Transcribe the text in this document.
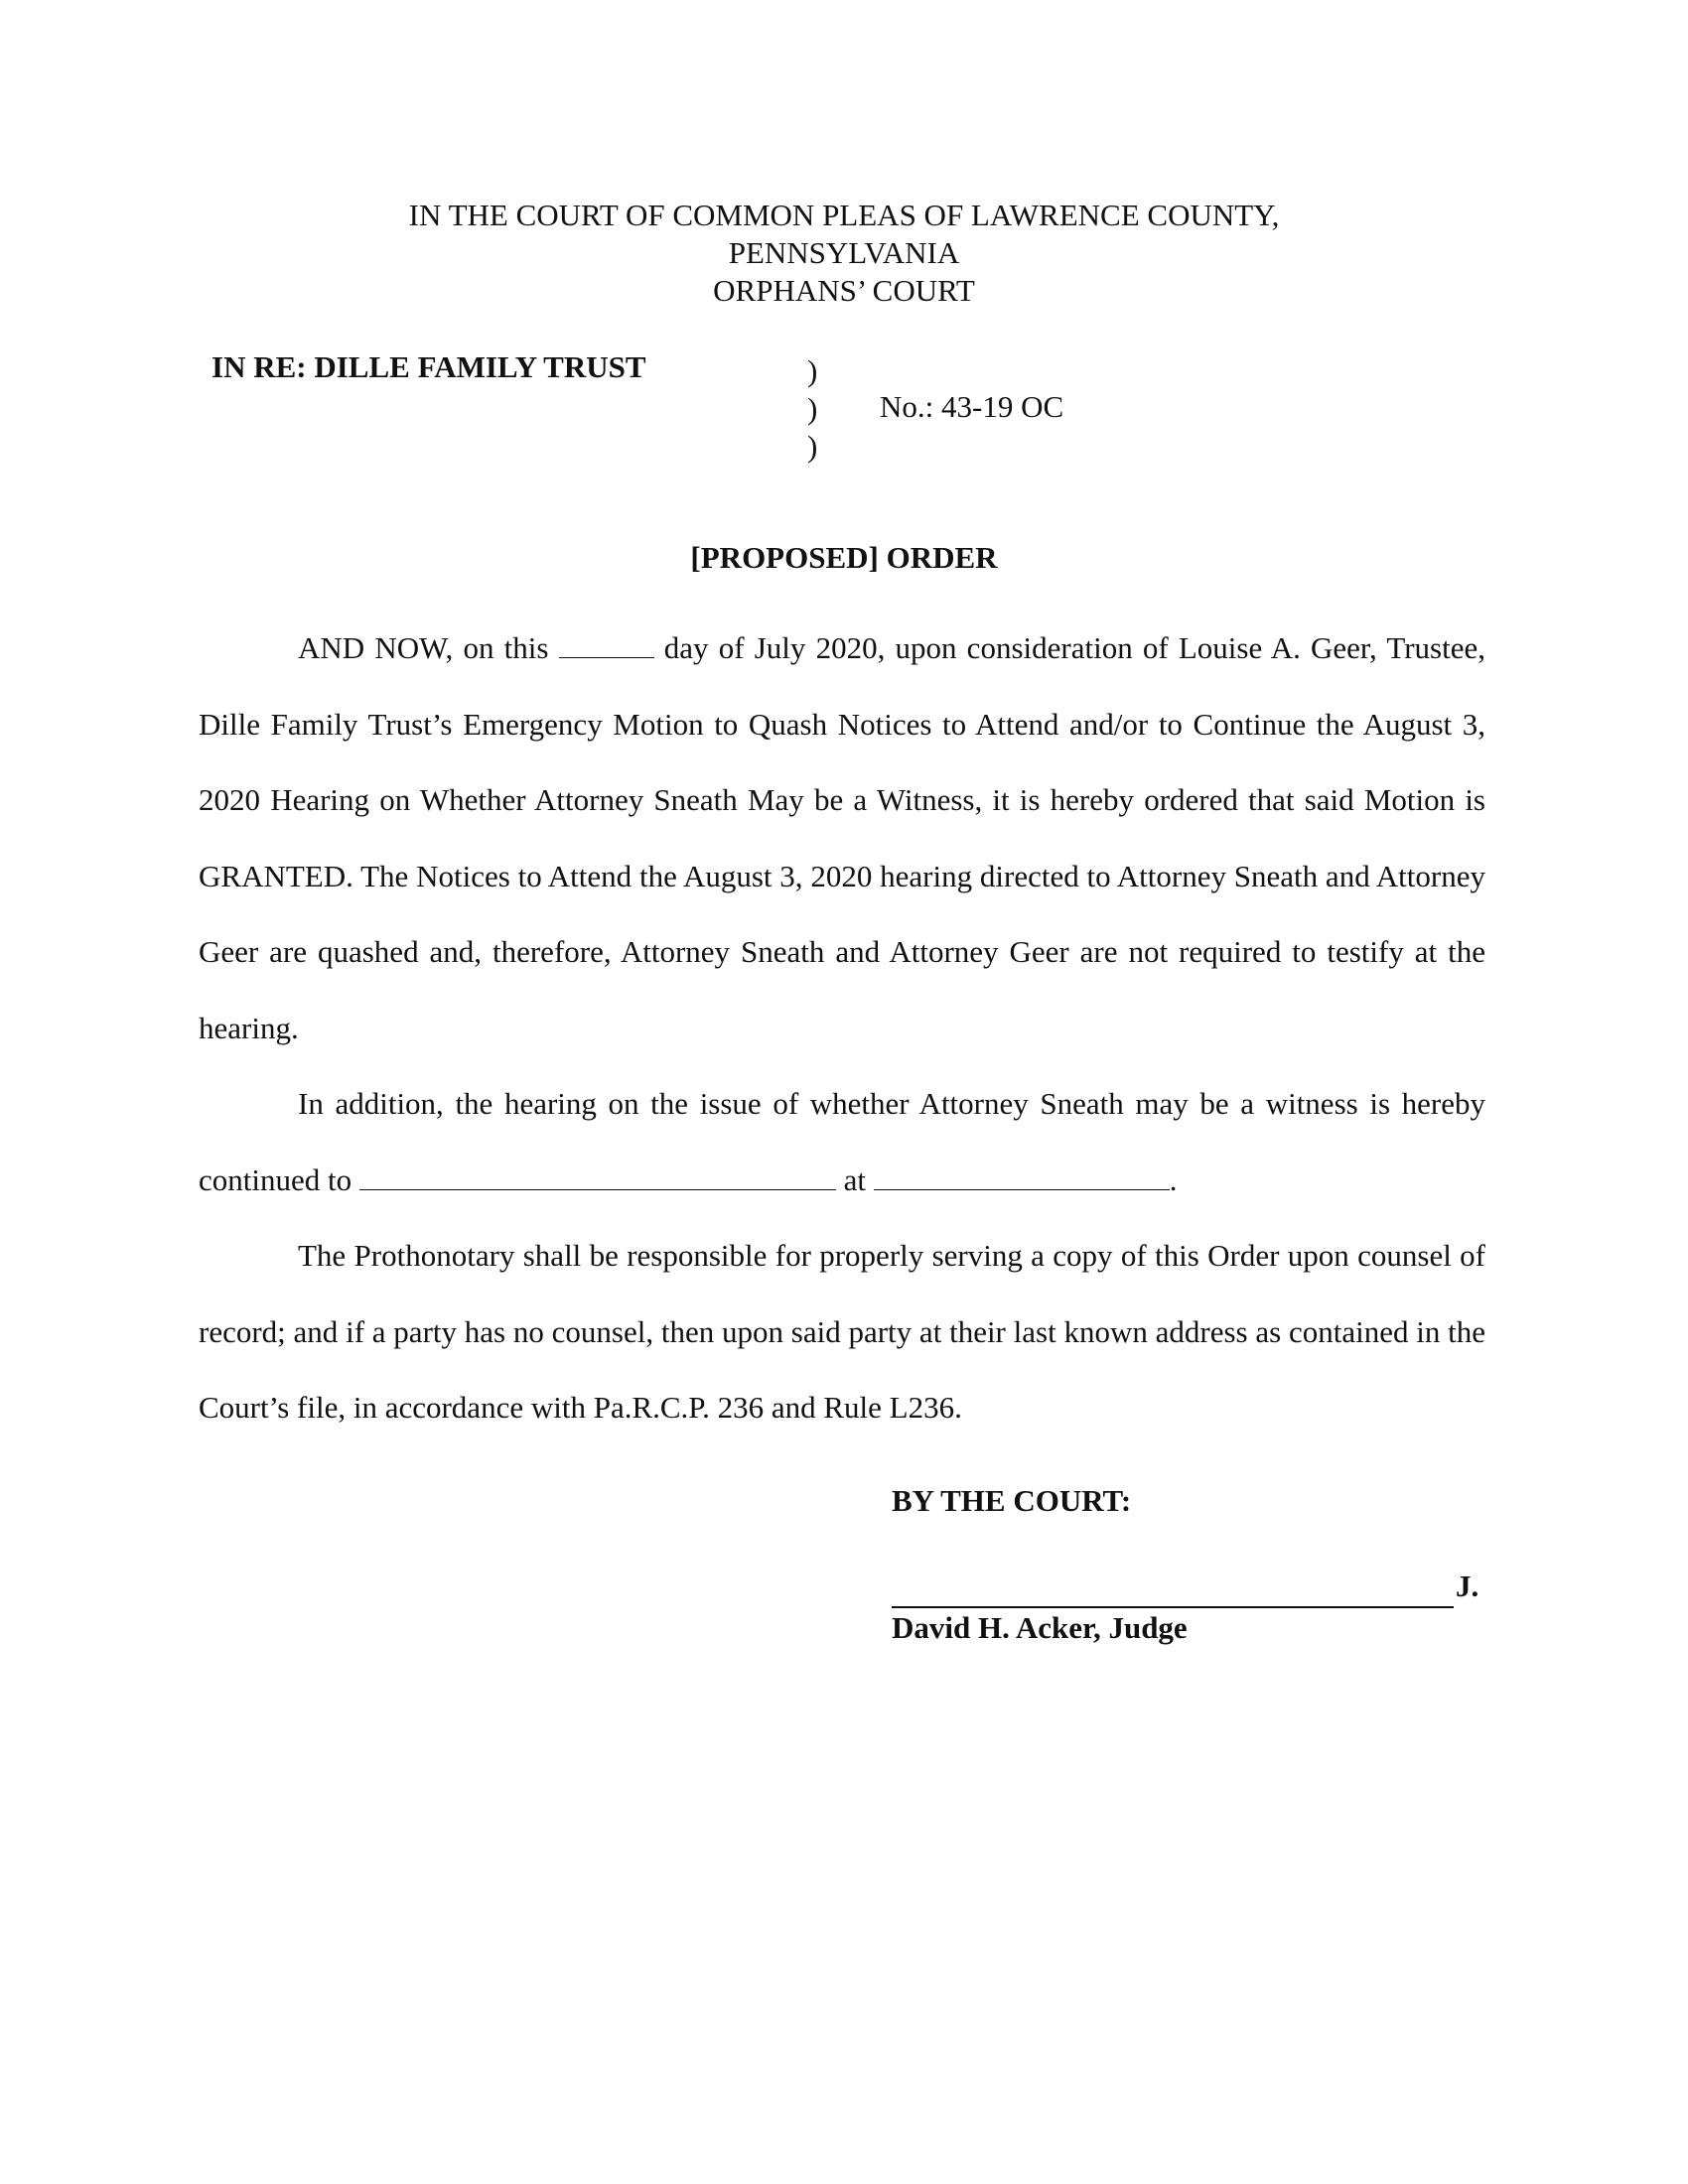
IN THE COURT OF COMMON PLEAS OF LAWRENCE COUNTY,
PENNSYLVANIA
ORPHANS’ COURT
IN RE: DILLE FAMILY TRUST	)
)
)
No.: 43-19 OC
[PROPOSED] ORDER

AND NOW, on this	day of July 2020, upon consideration of Louise A. Geer, Trustee, Dille Family Trust’s Emergency Motion to Quash Notices to Attend and/or to Continue the August 3, 2020 Hearing on Whether Attorney Sneath May be a Witness, it is hereby ordered that said Motion is GRANTED. The Notices to Attend the August 3, 2020 hearing directed to Attorney Sneath and Attorney Geer are quashed and, therefore, Attorney Sneath and Attorney Geer are not required to testify at the hearing.

In addition, the hearing on the issue of whether Attorney Sneath may be a witness is hereby continued to	at	.

The Prothonotary shall be responsible for properly serving a copy of this Order upon counsel of record; and if a party has no counsel, then upon said party at their last known address as contained in the Court’s file, in accordance with Pa.R.C.P. 236 and Rule L236.

BY THE COURT:
J.
David H. Acker, Judge
